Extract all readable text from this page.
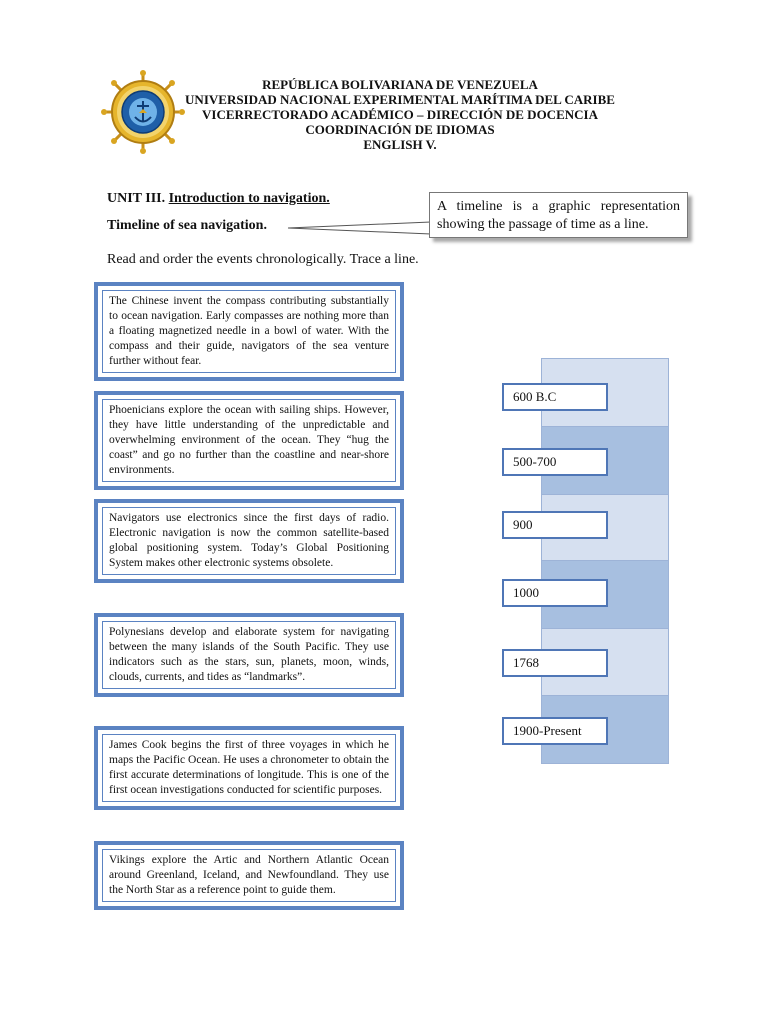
REPÚBLICA BOLIVARIANA DE VENEZUELA
UNIVERSIDAD NACIONAL EXPERIMENTAL MARÍTIMA DEL CARIBE
VICERRECTORADO ACADÉMICO – DIRECCIÓN DE DOCENCIA
COORDINACIÓN DE IDIOMAS
ENGLISH V.
UNIT III. Introduction to navigation.
Timeline of sea navigation.
A timeline is a graphic representation showing the passage of time as a line.
Read and order the events chronologically. Trace a line.
The Chinese invent the compass contributing substantially to ocean navigation. Early compasses are nothing more than a floating magnetized needle in a bowl of water. With the compass and their guide, navigators of the sea venture further without fear.
Phoenicians explore the ocean with sailing ships. However, they have little understanding of the unpredictable and overwhelming environment of the ocean. They “hug the coast” and go no further than the coastline and near-shore environments.
Navigators use electronics since the first days of radio. Electronic navigation is now the common satellite-based global positioning system. Today’s Global Positioning System makes other electronic systems obsolete.
Polynesians develop and elaborate system for navigating between the many islands of the South Pacific. They use indicators such as the stars, sun, planets, moon, winds, clouds, currents, and tides as “landmarks”.
James Cook begins the first of three voyages in which he maps the Pacific Ocean. He uses a chronometer to obtain the first accurate determinations of longitude. This is one of the first ocean investigations conducted for scientific purposes.
Vikings explore the Artic and Northern Atlantic Ocean around Greenland, Iceland, and Newfoundland. They use the North Star as a reference point to guide them.
600 B.C
500-700
900
1000
1768
1900-Present
